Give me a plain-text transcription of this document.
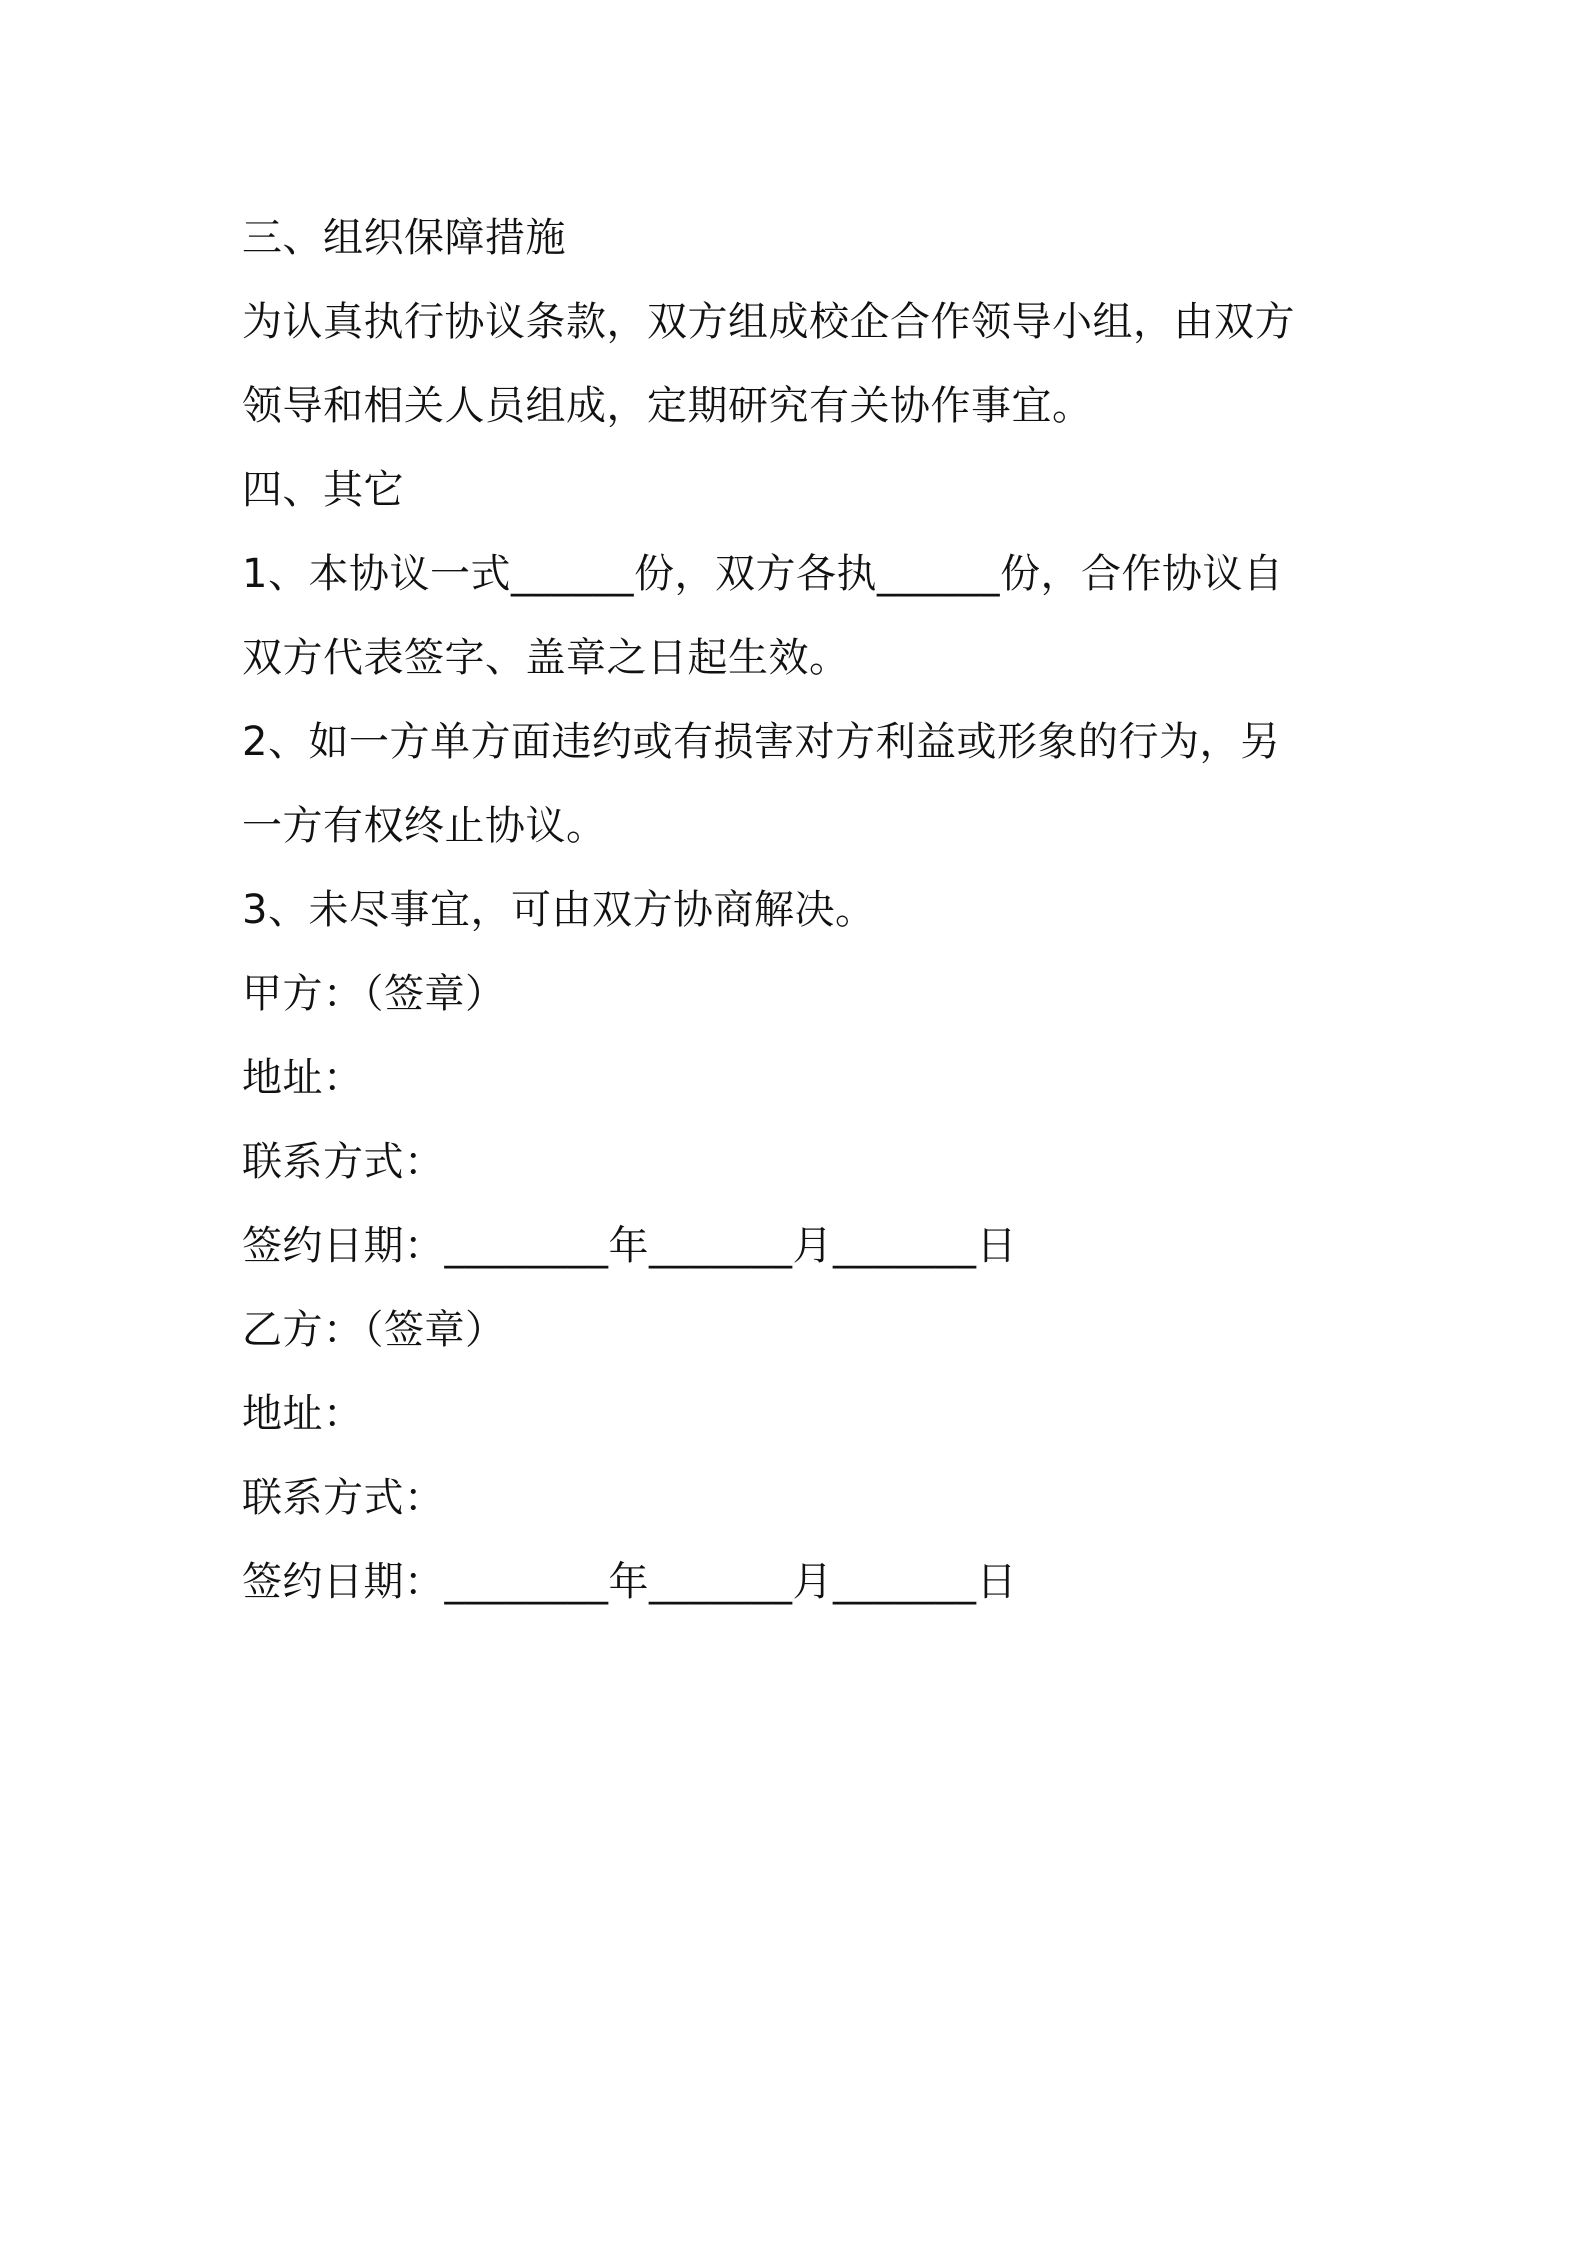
三、组织保障措施
为认真执行协议条款，双方组成校企合作领导小组，由双方
领导和相关人员组成，定期研究有关协作事宜。
四、其它
1、本协议一式______份，双方各执______份，合作协议自
双方代表签字、盖章之日起生效。
2、如一方单方面违约或有损害对方利益或形象的行为，另
一方有权终止协议。
3、未尽事宜，可由双方协商解决。
甲方：（签章）
地址：
联系方式：
签约日期：________年_______月_______日
乙方：（签章）
地址：
联系方式：
签约日期：________年_______月_______日
